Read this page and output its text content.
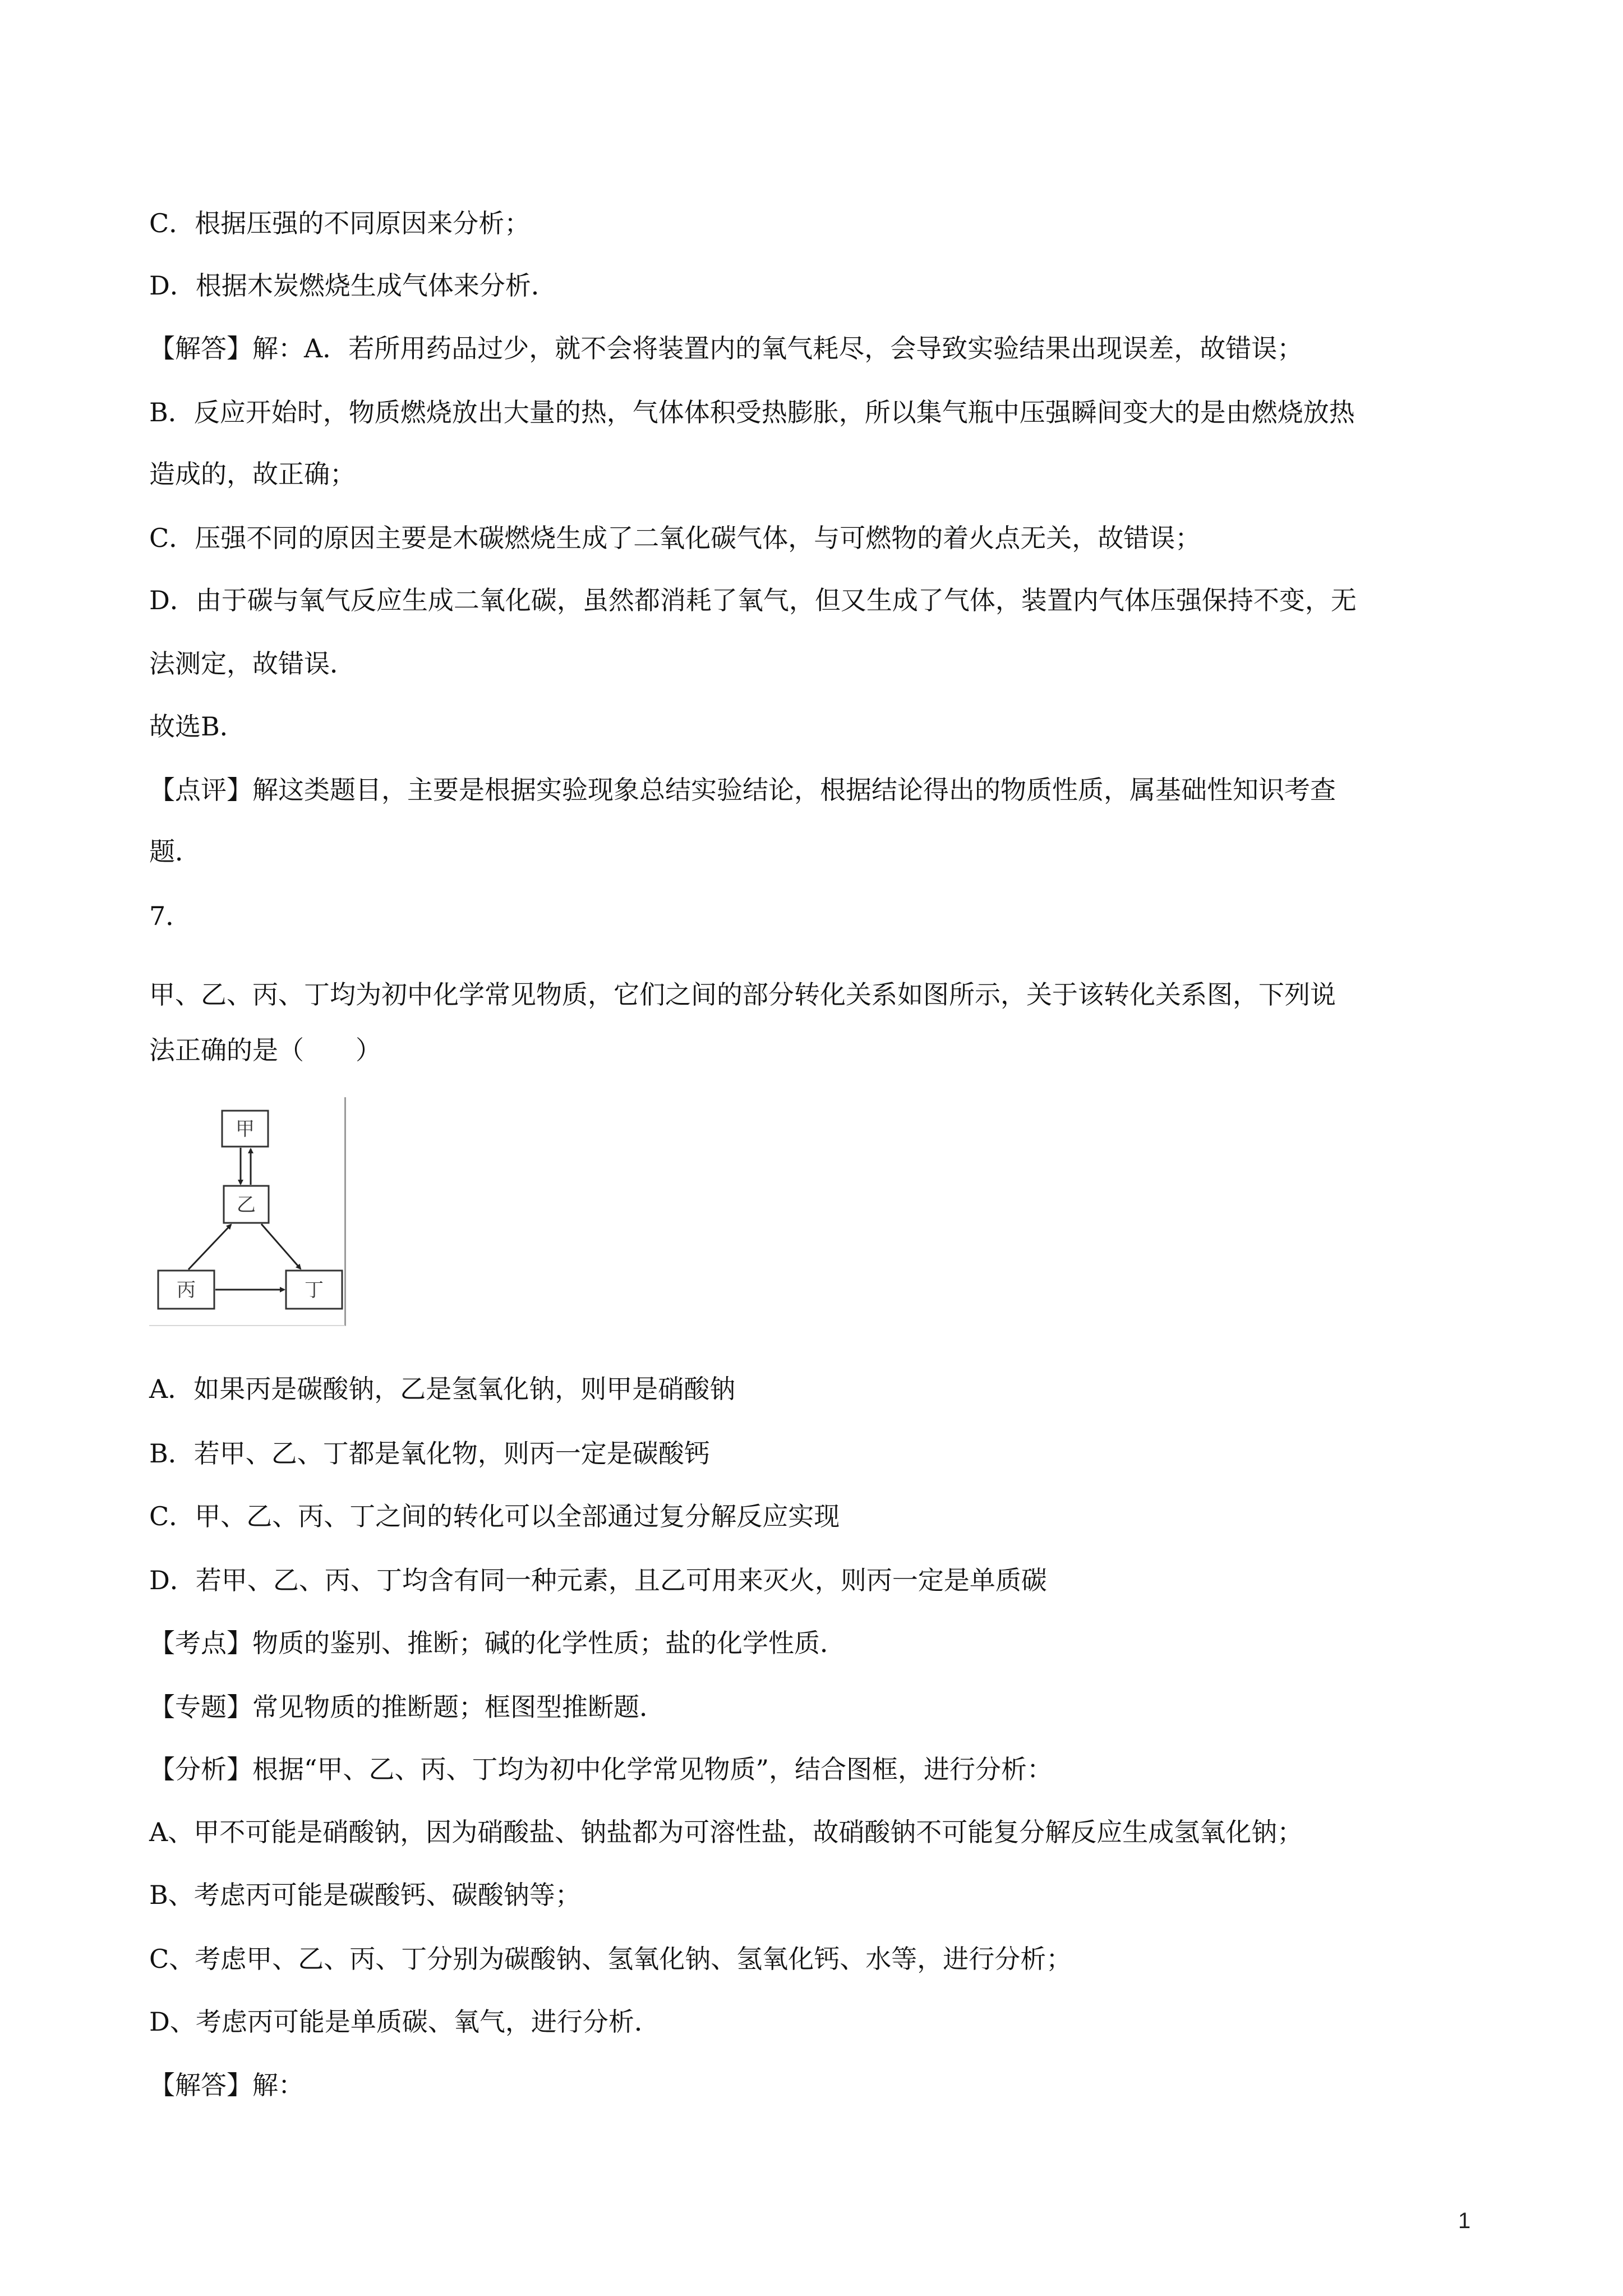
C．根据压强的不同原因来分析；

D．根据木炭燃烧生成气体来分析．

【解答】解：A．若所用药品过少，就不会将装置内的氧气耗尽，会导致实验结果出现误差，故错误；

B．反应开始时，物质燃烧放出大量的热，气体体积受热膨胀，所以集气瓶中压强瞬间变大的是由燃烧放热

造成的，故正确；

C．压强不同的原因主要是木碳燃烧生成了二氧化碳气体，与可燃物的着火点无关，故错误；

D．由于碳与氧气反应生成二氧化碳，虽然都消耗了氧气，但又生成了气体，装置内气体压强保持不变，无

法测定，故错误．

故选B．

【点评】解这类题目，主要是根据实验现象总结实验结论，根据结论得出的物质性质，属基础性知识考查

题．

7．

甲、乙、丙、丁均为初中化学常见物质，它们之间的部分转化关系如图所示，关于该转化关系图，下列说

法正确的是（　　）

甲
乙
丙	丁

A．如果丙是碳酸钠，乙是氢氧化钠，则甲是硝酸钠

B．若甲、乙、丁都是氧化物，则丙一定是碳酸钙

C．甲、乙、丙、丁之间的转化可以全部通过复分解反应实现

D．若甲、乙、丙、丁均含有同一种元素，且乙可用来灭火，则丙一定是单质碳

【考点】物质的鉴别、推断；碱的化学性质；盐的化学性质．

【专题】常见物质的推断题；框图型推断题．

【分析】根据“甲、乙、丙、丁均为初中化学常见物质”，结合图框，进行分析：

A、甲不可能是硝酸钠，因为硝酸盐、钠盐都为可溶性盐，故硝酸钠不可能复分解反应生成氢氧化钠；

B、考虑丙可能是碳酸钙、碳酸钠等；

C、考虑甲、乙、丙、丁分别为碳酸钠、氢氧化钠、氢氧化钙、水等，进行分析；

D、考虑丙可能是单质碳、氧气，进行分析．

【解答】解：

1
